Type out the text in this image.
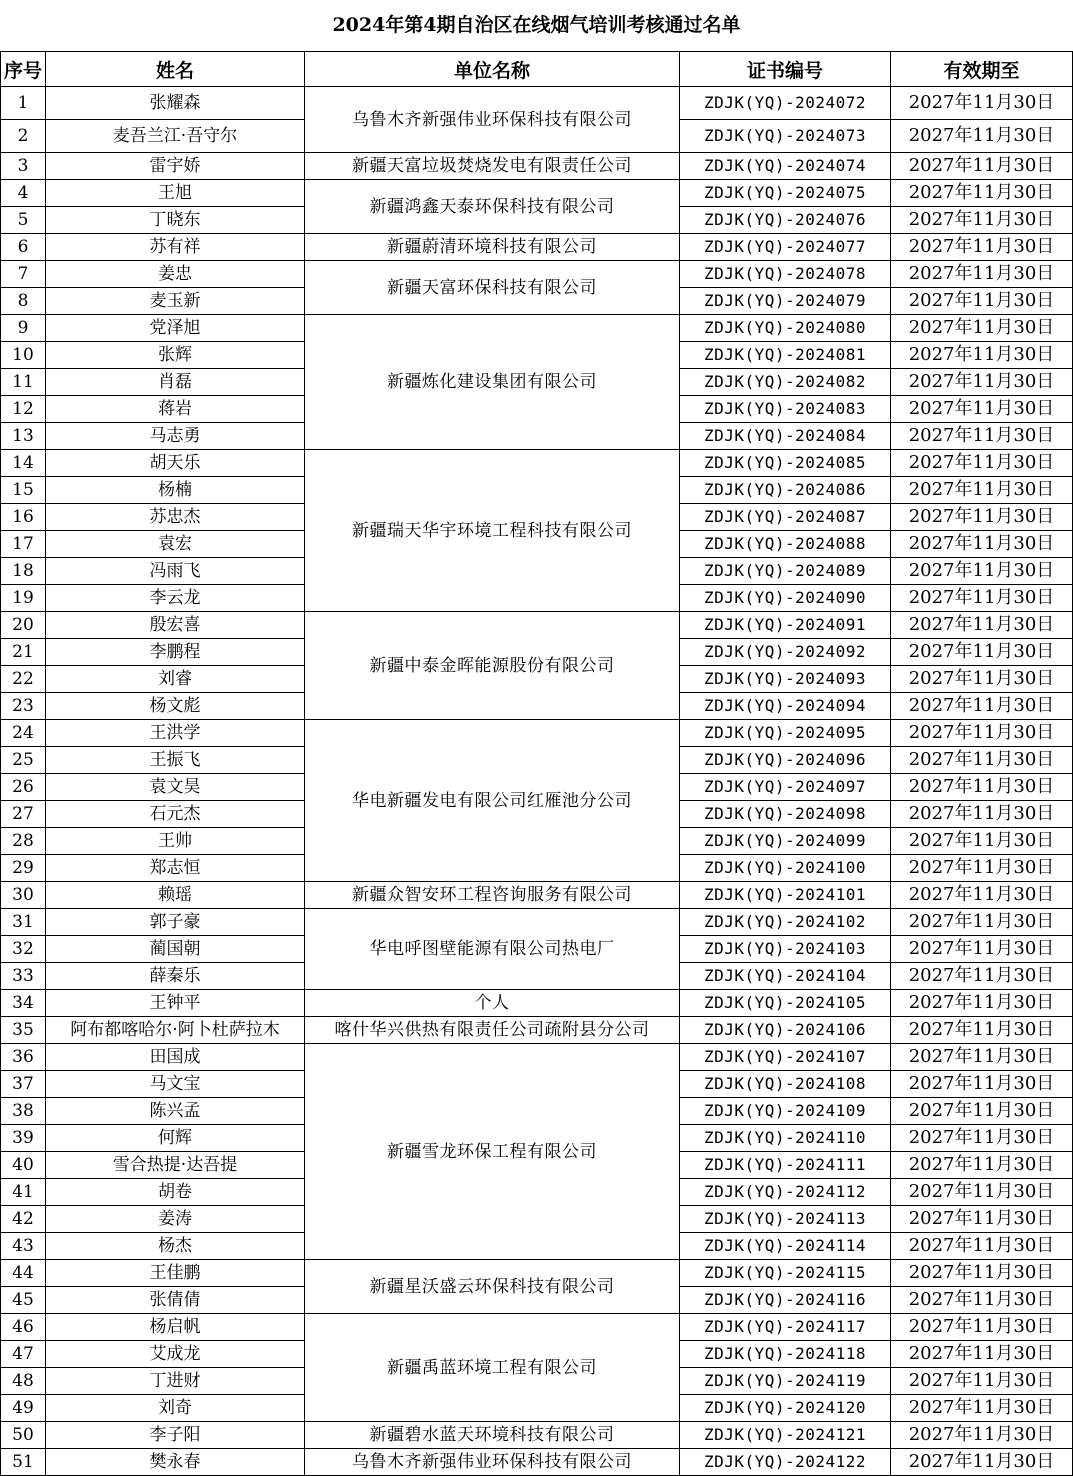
2024年第4期自治区在线烟气培训考核通过名单
序号	姓名	单位名称	证书编号	有效期至
1	张耀森	乌鲁木齐新强伟业环保科技有限公司	ZDJK(YQ)-2024072	2027年11月30日
2	麦吾兰江·吾守尔		ZDJK(YQ)-2024073	2027年11月30日
3	雷宇娇	新疆天富垃圾焚烧发电有限责任公司	ZDJK(YQ)-2024074	2027年11月30日
4	王旭	新疆鸿鑫天泰环保科技有限公司	ZDJK(YQ)-2024075	2027年11月30日
5	丁晓东		ZDJK(YQ)-2024076	2027年11月30日
6	苏有祥	新疆蔚清环境科技有限公司	ZDJK(YQ)-2024077	2027年11月30日
7	姜忠	新疆天富环保科技有限公司	ZDJK(YQ)-2024078	2027年11月30日
8	麦玉新		ZDJK(YQ)-2024079	2027年11月30日
9	党泽旭	新疆炼化建设集团有限公司	ZDJK(YQ)-2024080	2027年11月30日
10	张辉		ZDJK(YQ)-2024081	2027年11月30日
11	肖磊		ZDJK(YQ)-2024082	2027年11月30日
12	蒋岩		ZDJK(YQ)-2024083	2027年11月30日
13	马志勇		ZDJK(YQ)-2024084	2027年11月30日
14	胡天乐	新疆瑞天华宇环境工程科技有限公司	ZDJK(YQ)-2024085	2027年11月30日
15	杨楠		ZDJK(YQ)-2024086	2027年11月30日
16	苏忠杰		ZDJK(YQ)-2024087	2027年11月30日
17	袁宏		ZDJK(YQ)-2024088	2027年11月30日
18	冯雨飞		ZDJK(YQ)-2024089	2027年11月30日
19	李云龙		ZDJK(YQ)-2024090	2027年11月30日
20	殷宏喜	新疆中泰金晖能源股份有限公司	ZDJK(YQ)-2024091	2027年11月30日
21	李鹏程		ZDJK(YQ)-2024092	2027年11月30日
22	刘睿		ZDJK(YQ)-2024093	2027年11月30日
23	杨文彪		ZDJK(YQ)-2024094	2027年11月30日
24	王洪学	华电新疆发电有限公司红雁池分公司	ZDJK(YQ)-2024095	2027年11月30日
25	王振飞		ZDJK(YQ)-2024096	2027年11月30日
26	袁文昊		ZDJK(YQ)-2024097	2027年11月30日
27	石元杰		ZDJK(YQ)-2024098	2027年11月30日
28	王帅		ZDJK(YQ)-2024099	2027年11月30日
29	郑志恒		ZDJK(YQ)-2024100	2027年11月30日
30	赖瑶	新疆众智安环工程咨询服务有限公司	ZDJK(YQ)-2024101	2027年11月30日
31	郭子豪	华电呼图壁能源有限公司热电厂	ZDJK(YQ)-2024102	2027年11月30日
32	蔺国朝		ZDJK(YQ)-2024103	2027年11月30日
33	薛秦乐		ZDJK(YQ)-2024104	2027年11月30日
34	王钟平	个人	ZDJK(YQ)-2024105	2027年11月30日
35	阿布都喀哈尔·阿卜杜萨拉木	喀什华兴供热有限责任公司疏附县分公司	ZDJK(YQ)-2024106	2027年11月30日
36	田国成	新疆雪龙环保工程有限公司	ZDJK(YQ)-2024107	2027年11月30日
37	马文宝		ZDJK(YQ)-2024108	2027年11月30日
38	陈兴孟		ZDJK(YQ)-2024109	2027年11月30日
39	何辉		ZDJK(YQ)-2024110	2027年11月30日
40	雪合热提·达吾提		ZDJK(YQ)-2024111	2027年11月30日
41	胡卷		ZDJK(YQ)-2024112	2027年11月30日
42	姜涛		ZDJK(YQ)-2024113	2027年11月30日
43	杨杰		ZDJK(YQ)-2024114	2027年11月30日
44	王佳鹏	新疆星沃盛云环保科技有限公司	ZDJK(YQ)-2024115	2027年11月30日
45	张倩倩		ZDJK(YQ)-2024116	2027年11月30日
46	杨启帆	新疆禹蓝环境工程有限公司	ZDJK(YQ)-2024117	2027年11月30日
47	艾成龙		ZDJK(YQ)-2024118	2027年11月30日
48	丁进财		ZDJK(YQ)-2024119	2027年11月30日
49	刘奇		ZDJK(YQ)-2024120	2027年11月30日
50	李子阳	新疆碧水蓝天环境科技有限公司	ZDJK(YQ)-2024121	2027年11月30日
51	樊永春	乌鲁木齐新强伟业环保科技有限公司	ZDJK(YQ)-2024122	2027年11月30日
